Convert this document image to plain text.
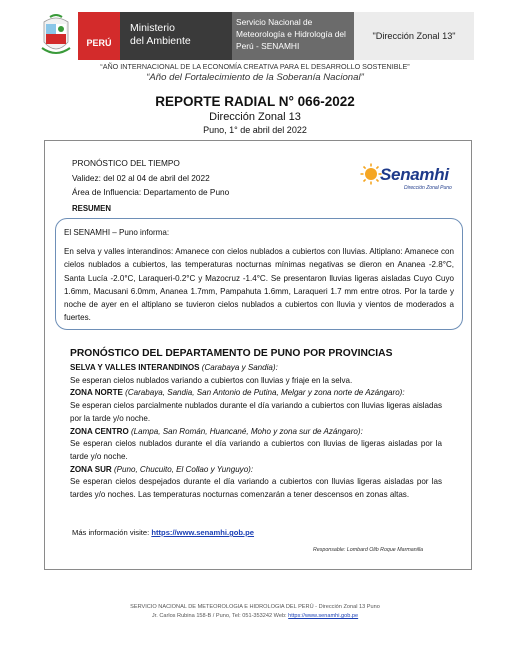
PERÚ
Ministerio
del Ambiente
Servicio Nacional de
Meteorología e Hidrología del
Perú - SENAMHI
"Dirección Zonal 13"
“AÑO INTERNACIONAL DE LA ECONOMÍA CREATIVA PARA EL DESARROLLO SOSTENIBLE”
“Año del Fortalecimiento de la Soberanía Nacional”
REPORTE RADIAL N° 066-2022
Dirección Zonal 13
Puno, 1° de abril del 2022
PRONÓSTICO DEL TIEMPO
Validez: del 02 al 04 de abril del 2022
Área de Influencia: Departamento de Puno
Senamhi
Dirección Zonal Puno
RESUMEN

El SENAMHI – Puno informa:

En selva y valles interandinos: Amanece con cielos nublados a cubiertos con lluvias. Altiplano: Amanece con cielos nublados a cubiertos, las temperaturas nocturnas mínimas negativas se dieron en Ananea -2.8°C, Santa Lucía -2.0°C, Laraqueri-0.2°C y Mazocruz -1.4°C. Se presentaron lluvias ligeras aisladas Cuyo Cuyo 1.6mm, Macusani 6.0mm, Ananea 1.7mm, Pampahuta 1.6mm, Laraqueri 1.7 mm entre otros. Por la tarde y noche de ayer en el altiplano se tuvieron cielos nublados a cubiertos con lluvia y vientos de moderados a fuertes.

PRONÓSTICO DEL DEPARTAMENTO DE PUNO POR PROVINCIAS
SELVA Y VALLES INTERANDINOS (Carabaya y Sandia):

Se esperan cielos nublados variando a cubiertos con lluvias y friaje en la selva.

ZONA NORTE (Carabaya, Sandia, San Antonio de Putina, Melgar y zona norte de Azángaro):

Se esperan cielos parcialmente nublados durante el día variando a cubiertos con lluvias ligeras aisladas por la tarde y/o noche.

ZONA CENTRO (Lampa, San Román, Huancané, Moho y zona sur de Azángaro):

Se esperan cielos nublados durante el día variando a cubiertos con lluvias de ligeras aisladas por la tarde y/o noche.

ZONA SUR (Puno, Chucuito, El Collao y Yunguyo):

Se esperan cielos despejados durante el día variando a cubiertos con lluvias ligeras aisladas por las tardes y/o noches. Las temperaturas nocturnas comenzarán a tener descensos en zonas altas.

Más información visite: https://www.senamhi.gob.pe
Responsable: Lombard Olib Roque Marmanilla
SERVICIO NACIONAL DE METEOROLOGIA E HIDROLOGIA DEL PERÚ - Dirección Zonal 13 Puno
Jr. Carlos Rubina 158-B / Puno, Tel: 051-353242 Web: https://www.senamhi.gob.pe
